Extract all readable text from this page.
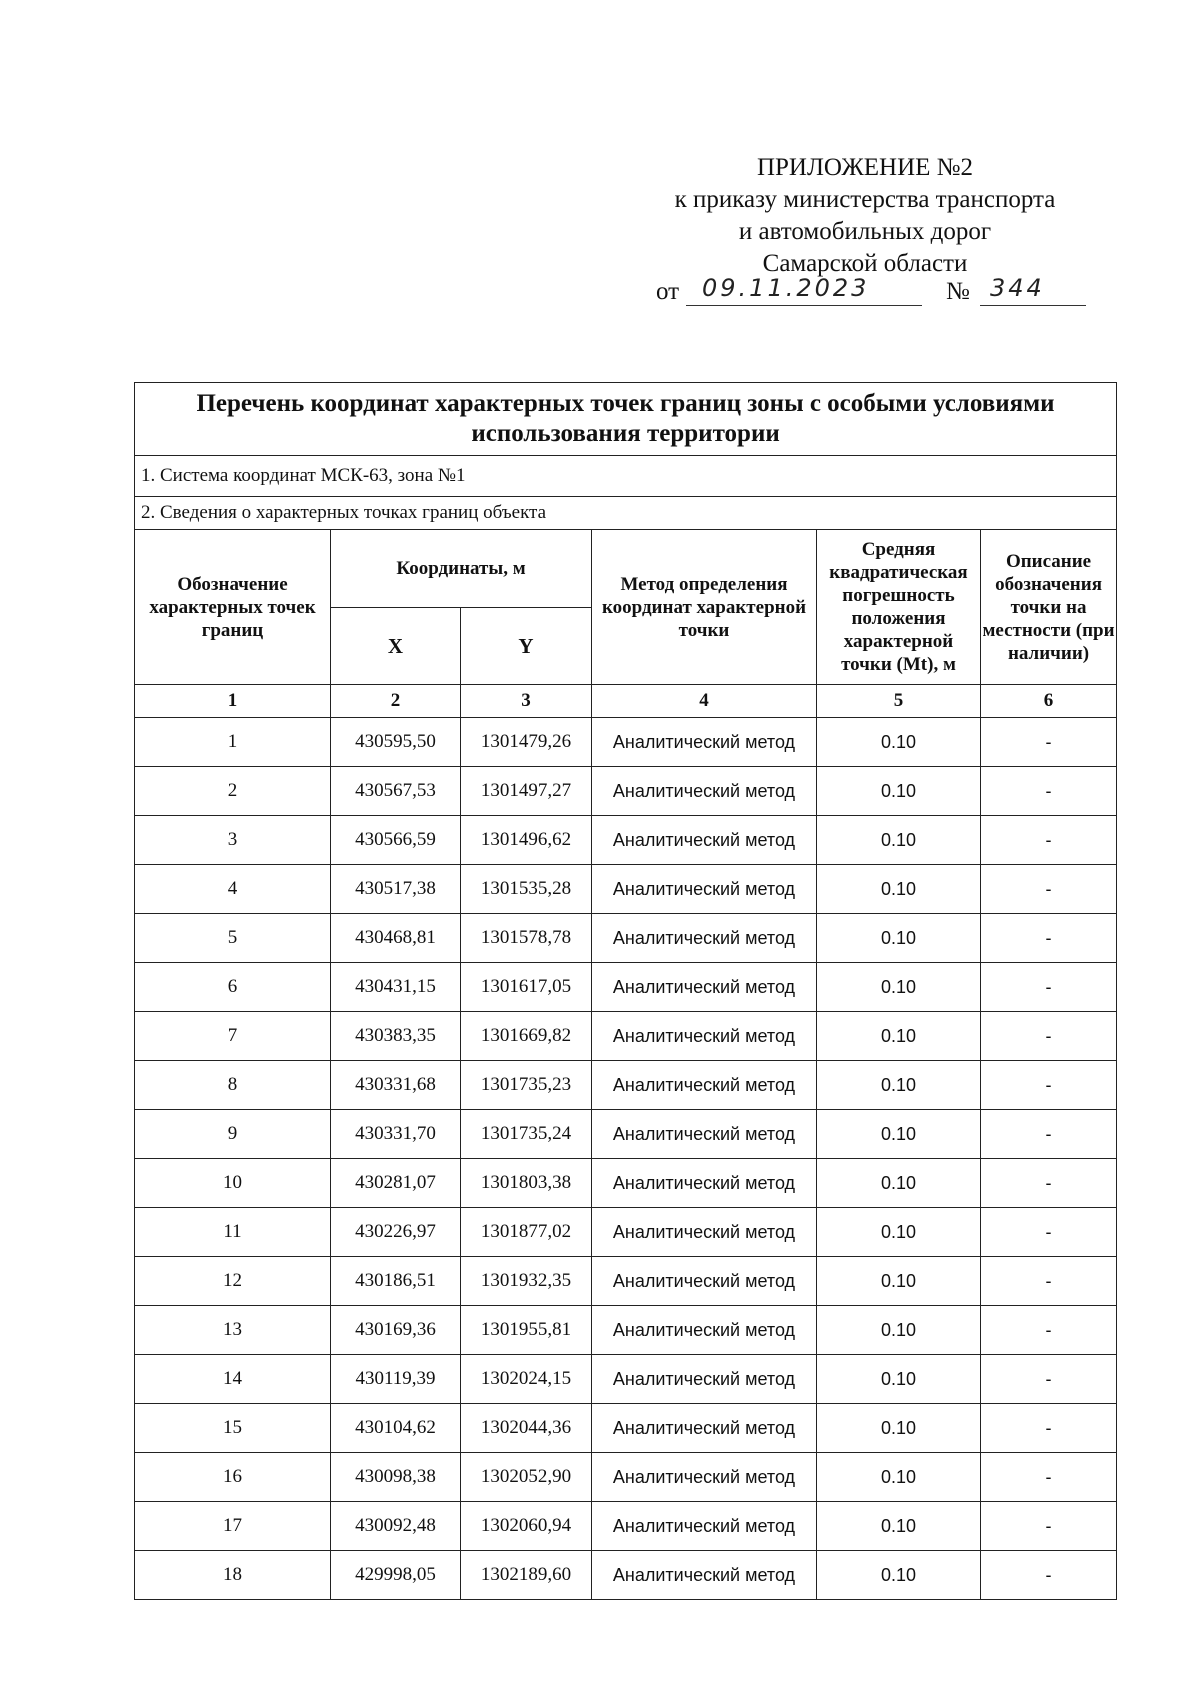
ПРИЛОЖЕНИЕ №2
к приказу министерства транспорта
и автомобильных дорог
Самарской области
от 09.11.2023	№ 344
Перечень координат характерных точек границ зоны с особыми условиями использования территории					
1. Система координат МСК-63, зона №1					
2. Сведения о характерных точках границ объекта					
Обозначение характерных точек границ	Координаты, м		Метод определения координат характерной точки	Средняя квадратическая погрешность положения характерной точки (Mt), м	Описание обозначения точки на местности (при наличии)
	X	Y			
1	2	3	4	5	6
1	430595,50	1301479,26	Аналитический метод	0.10	-
2	430567,53	1301497,27	Аналитический метод	0.10	-
3	430566,59	1301496,62	Аналитический метод	0.10	-
4	430517,38	1301535,28	Аналитический метод	0.10	-
5	430468,81	1301578,78	Аналитический метод	0.10	-
6	430431,15	1301617,05	Аналитический метод	0.10	-
7	430383,35	1301669,82	Аналитический метод	0.10	-
8	430331,68	1301735,23	Аналитический метод	0.10	-
9	430331,70	1301735,24	Аналитический метод	0.10	-
10	430281,07	1301803,38	Аналитический метод	0.10	-
11	430226,97	1301877,02	Аналитический метод	0.10	-
12	430186,51	1301932,35	Аналитический метод	0.10	-
13	430169,36	1301955,81	Аналитический метод	0.10	-
14	430119,39	1302024,15	Аналитический метод	0.10	-
15	430104,62	1302044,36	Аналитический метод	0.10	-
16	430098,38	1302052,90	Аналитический метод	0.10	-
17	430092,48	1302060,94	Аналитический метод	0.10	-
18	429998,05	1302189,60	Аналитический метод	0.10	-
